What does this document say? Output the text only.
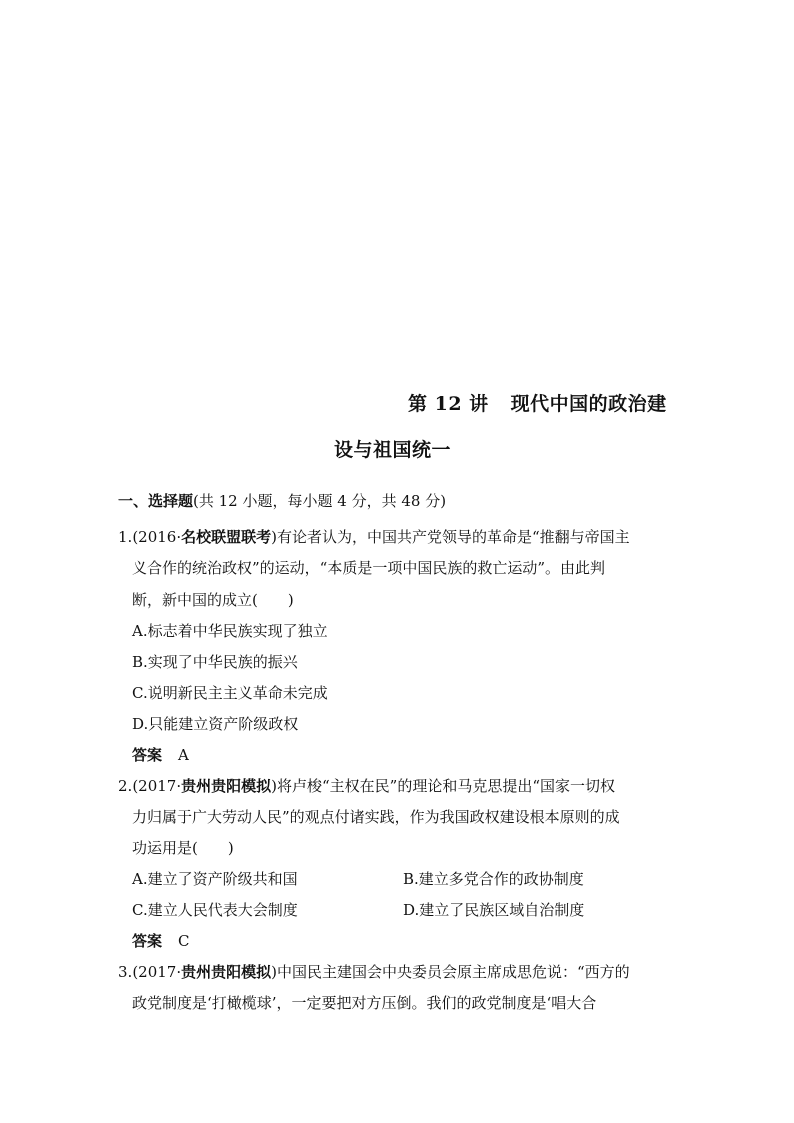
第 12 讲 现代中国的政治建
设与祖国统一
一、选择题(共 12 小题，每小题 4 分，共 48 分)
1.(2016·名校联盟联考)有论者认为，中国共产党领导的革命是“推翻与帝国主
义合作的统治政权”的运动，“本质是一项中国民族的救亡运动”。由此判
断，新中国的成立(　　)
A.标志着中华民族实现了独立
B.实现了中华民族的振兴
C.说明新民主主义革命未完成
D.只能建立资产阶级政权
答案 A
2.(2017·贵州贵阳模拟)将卢梭“主权在民”的理论和马克思提出“国家一切权
力归属于广大劳动人民”的观点付诸实践，作为我国政权建设根本原则的成
功运用是(　　)
A.建立了资产阶级共和国	B.建立多党合作的政协制度
C.建立人民代表大会制度	D.建立了民族区域自治制度
答案 C
3.(2017·贵州贵阳模拟)中国民主建国会中央委员会原主席成思危说：“西方的
政党制度是‘打橄榄球’，一定要把对方压倒。我们的政党制度是‘唱大合
